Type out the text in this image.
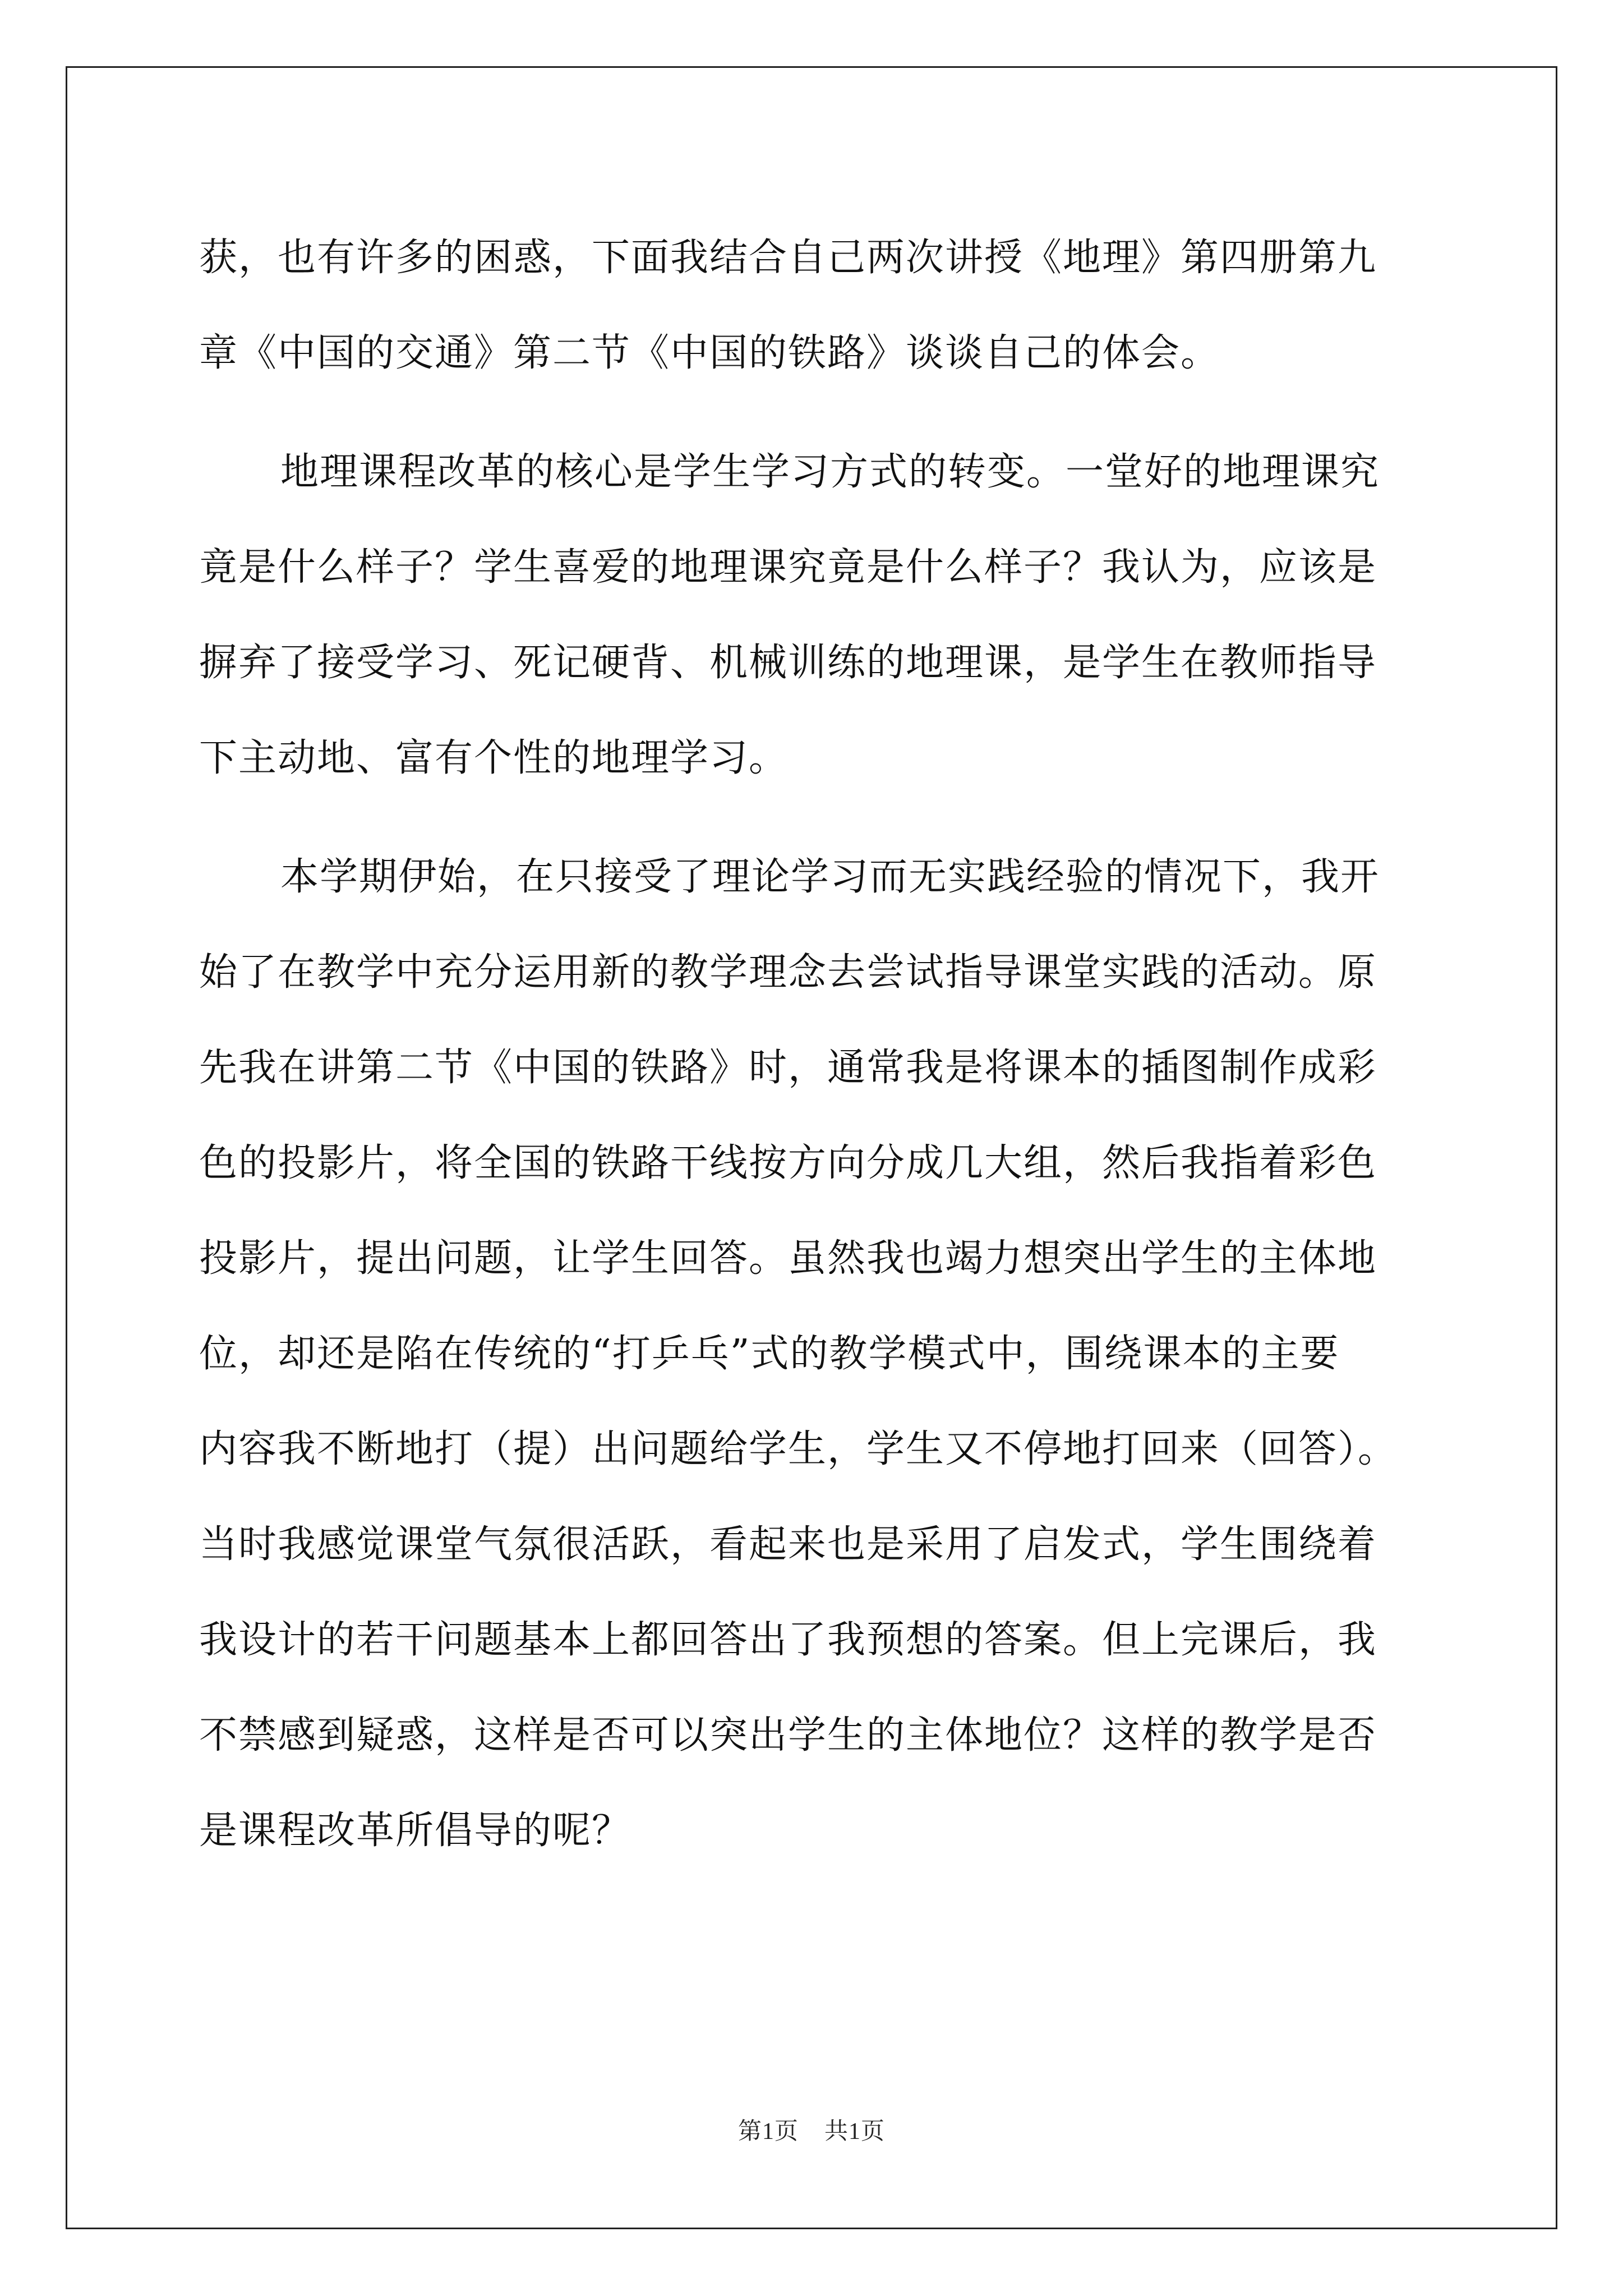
获，也有许多的困惑，下面我结合自己两次讲授《地理》第四册第九
章《中国的交通》第二节《中国的铁路》谈谈自己的体会。
地理课程改革的核心是学生学习方式的转变。一堂好的地理课究
竟是什么样子？学生喜爱的地理课究竟是什么样子？我认为，应该是
摒弃了接受学习、死记硬背、机械训练的地理课，是学生在教师指导
下主动地、富有个性的地理学习。
本学期伊始，在只接受了理论学习而无实践经验的情况下，我开
始了在教学中充分运用新的教学理念去尝试指导课堂实践的活动。原
先我在讲第二节《中国的铁路》时，通常我是将课本的插图制作成彩
色的投影片，将全国的铁路干线按方向分成几大组，然后我指着彩色
投影片，提出问题，让学生回答。虽然我也竭力想突出学生的主体地
位，却还是陷在传统的“打乒乓”式的教学模式中，围绕课本的主要
内容我不断地打（提）出问题给学生，学生又不停地打回来（回答）。
当时我感觉课堂气氛很活跃，看起来也是采用了启发式，学生围绕着
我设计的若干问题基本上都回答出了我预想的答案。但上完课后，我
不禁感到疑惑，这样是否可以突出学生的主体地位？这样的教学是否
是课程改革所倡导的呢？
第1页 共1页
